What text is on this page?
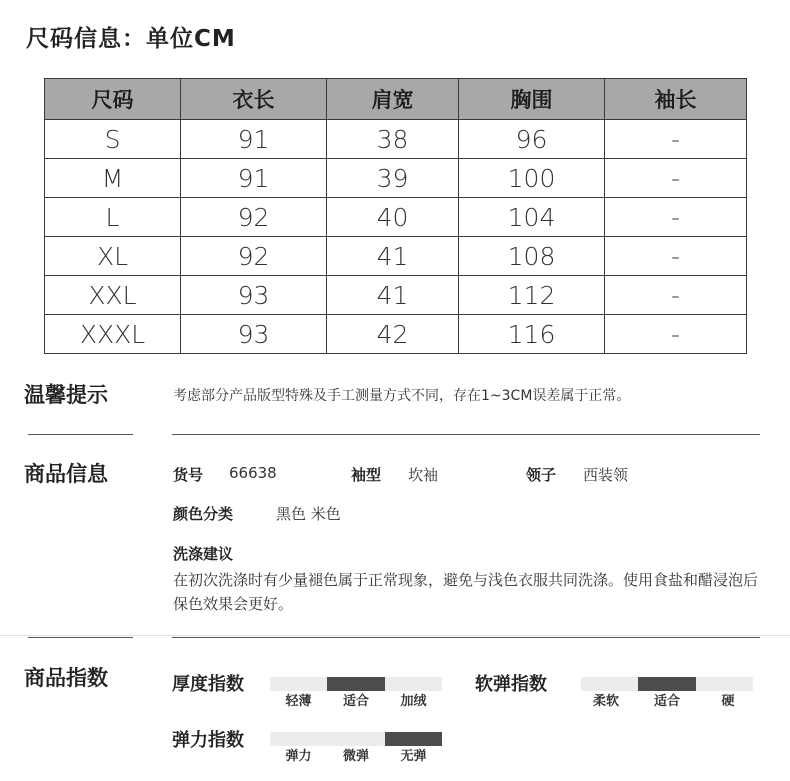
尺码信息：单位CM
尺码	衣长	肩宽	胸围	袖长
S	91	38	96	-
M	91	39	100	-
L	92	40	104	-
XL	92	41	108	-
XXL	93	41	112	-
XXXL	93	42	116	-
温馨提示	考虑部分产品版型特殊及手工测量方式不同，存在1~3CM误差属于正常。
商品信息	货号 66638	袖型 坎袖	领子 西装领
颜色分类	黑色 米色
洗涤建议
在初次洗涤时有少量褪色属于正常现象，避免与浅色衣服共同洗涤。使用食盐和醋浸泡后保色效果会更好。
商品指数	厚度指数
轻薄	适合	加绒
软弹指数
柔软	适合	硬
弹力指数
弹力	微弹	无弹
